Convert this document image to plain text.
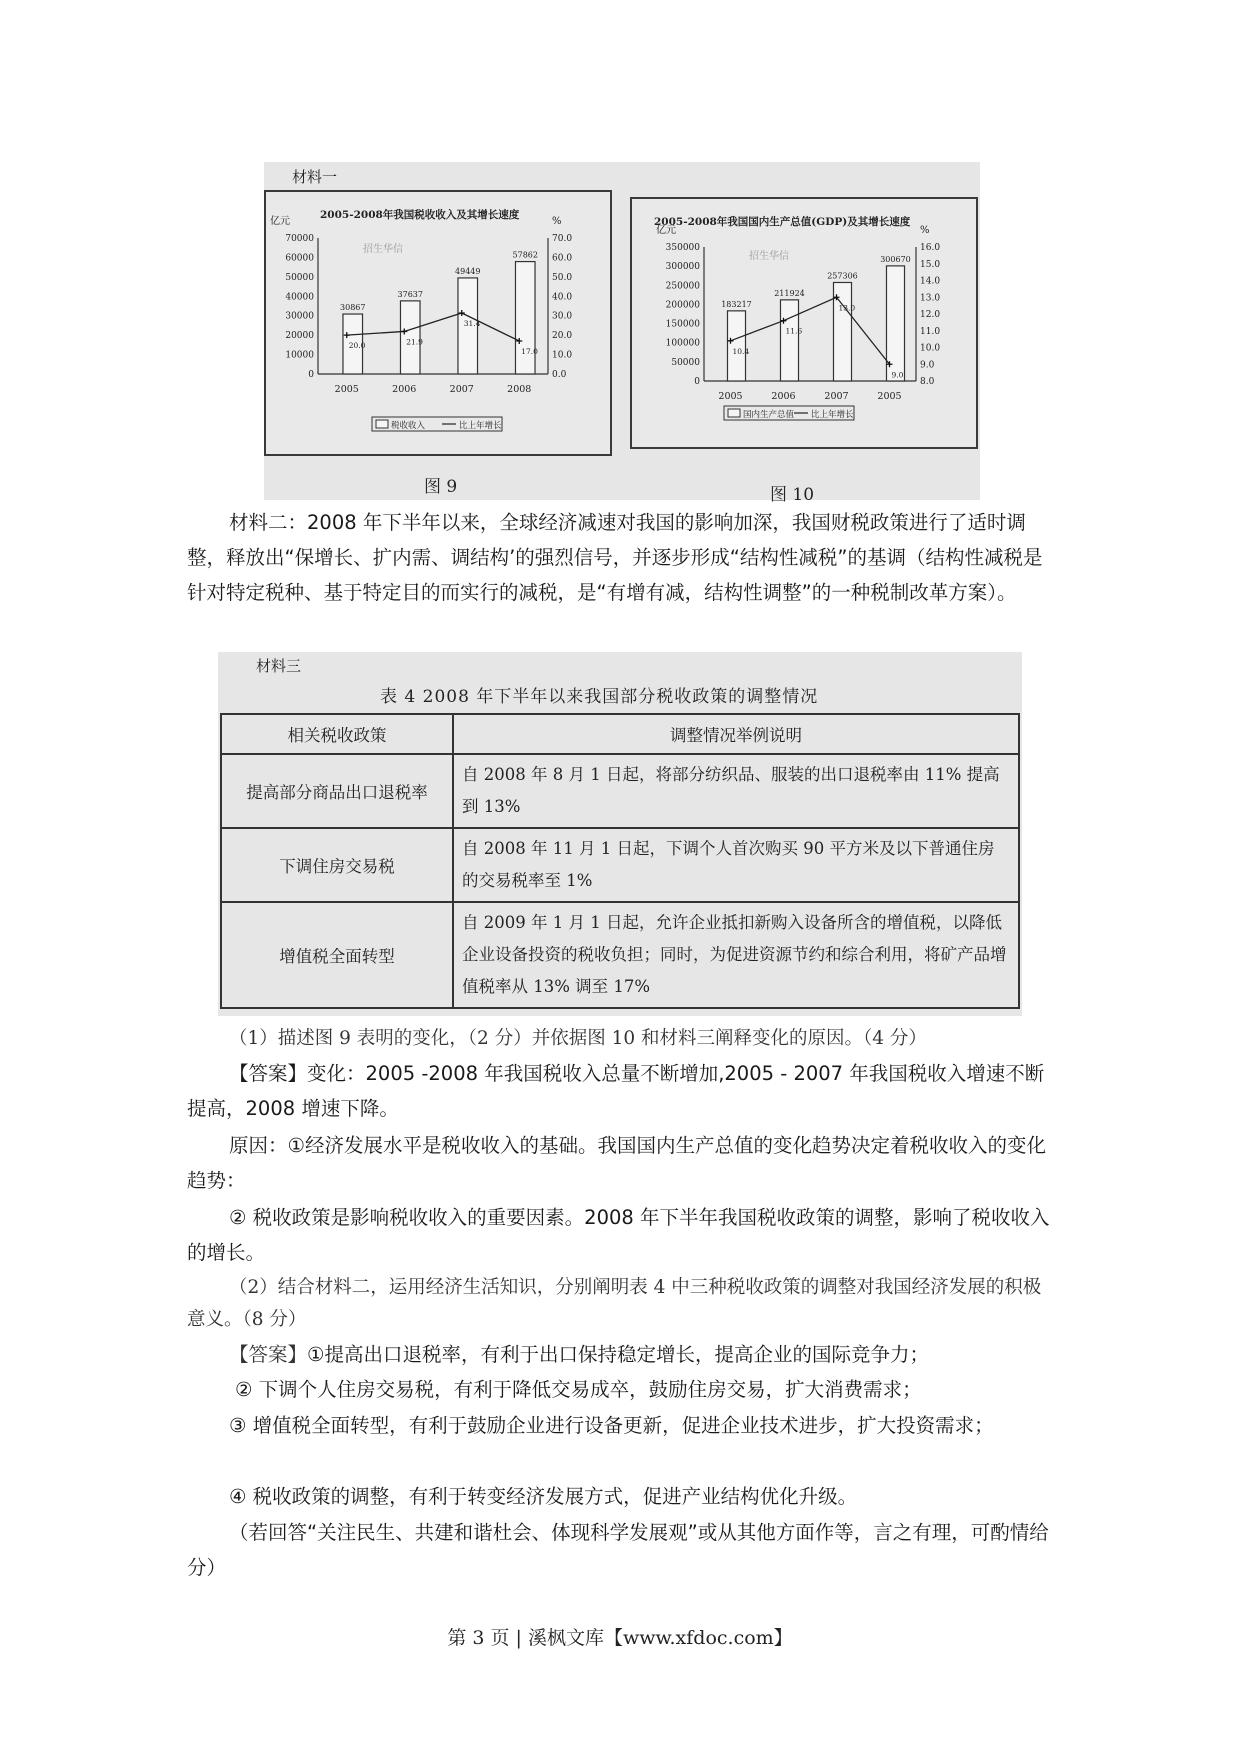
材料一
2005-2008年我国税收收入及其增长速度
招生华信
亿元	%
70000
60000
50000
40000
30000
20000
10000
0
70.0
60.0
50.0
40.0
30.0
20.0
10.0
0.0
30867
2005
37637
2006
49449
2007
57862
2008
20.0	21.9
31.4
17.0
税收收入	比上年增长
2005-2008年我国国内生产总值(GDP)及其增长速度
招生华信
亿元	%
350000
300000
250000
200000
150000
100000
50000
0
16.0
15.0
14.0
13.0
12.0
11.0
10.0
9.0
8.0
183217
2005
211924
2006
257306
2007
300670
2005
10.4
11.6
13.0
9.0
国内生产总值 比上年增长
图 9	图 10

材料二：2008 年下半年以来，全球经济减速对我国的影响加深，我国财税政策进行了适时调整，释放出“保增长、扩内需、调结构’的强烈信号，并逐步形成“结构性减税”的基调（结构性减税是针对特定税种、基于特定目的而实行的减税，是“有增有减，结构性调整”的一种税制改革方案）。

材料三
表 4 2008 年下半年以来我国部分税收政策的调整情况
相关税收政策	调整情况举例说明
提高部分商品出口退税率	自 2008 年 8 月 1 日起，将部分纺织品、服装的出口退税率由 11% 提高到 13%
下调住房交易税	自 2008 年 11 月 1 日起，下调个人首次购买 90 平方米及以下普通住房的交易税率至 1%
增值税全面转型	自 2009 年 1 月 1 日起，允许企业抵扣新购入设备所含的增值税，以降低企业设备投资的税收负担；同时，为促进资源节约和综合利用，将矿产品增值税率从 13% 调至 17%

（1）描述图 9 表明的变化，（2 分）并依据图 10 和材料三阐释变化的原因。（4 分）

【答案】变化：2005 -2008 年我国税收入总量不断增加,2005 - 2007 年我国税收入增速不断提高，2008 增速下降。

原因：①经济发展水平是税收收入的基础。我国国内生产总值的变化趋势决定着税收收入的变化趋势：

② 税收政策是影响税收收入的重要因素。2008 年下半年我国税收政策的调整，影响了税收收入的增长。

（2）结合材料二，运用经济生活知识，分别阐明表 4 中三种税收政策的调整对我国经济发展的积极意义。（8 分）

【答案】①提高出口退税率，有利于出口保持稳定增长，提高企业的国际竞争力；

② 下调个人住房交易税，有利于降低交易成卒，鼓励住房交易，扩大消费需求；

③ 增值税全面转型，有利于鼓励企业进行设备更新，促进企业技术进步，扩大投资需求；

④ 税收政策的调整，有利于转变经济发展方式，促进产业结构优化升级。

（若回答“关注民生、共建和谐杜会、体现科学发展观”或从其他方面作等，言之有理，可酌情给分）

第 3 页 | 溪枫文库【www.xfdoc.com】
